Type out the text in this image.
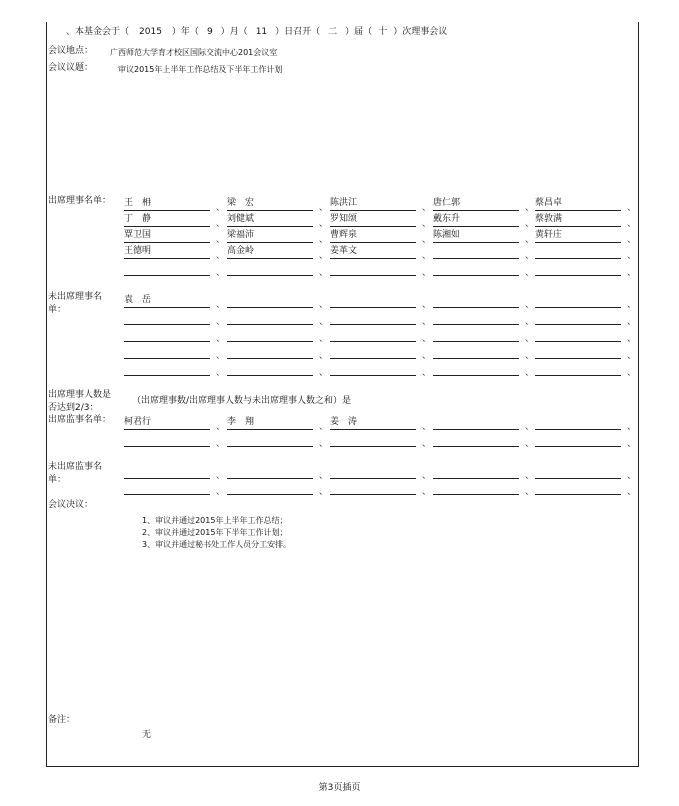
、本基金会于（ 2015 ）年（ 9 ）月（ 11 ）日召开（ 二 ）届（ 十 ）次理事会议
会议地点： 广西师范大学育才校区国际交流中心201会议室
会议议题：	审议2015年上半年工作总结及下半年工作计划
出席理事名单：
未出席理事名
单：
出席理事人数是
否达到2/3：
（出席理事数/出席理事人数与未出席理事人数之和）是
出席监事名单：
未出席监事名
单：
会议决议：
1、审议并通过2015年上半年工作总结；
2、审议并通过2015年下半年工作计划；
3、审议并通过秘书处工作人员分工安排。
备注：
无
王　枏	、 梁　宏	、 陈洪江	、 唐仁郭	、 蔡昌卓	、
丁　静	、 刘健斌	、 罗知颂	、 戴东升	、 蔡敦满	、
覃卫国	、 梁福沛	、 曹辉泉	、 陈湘如	、 黄轩庄	、
王德明	、 高金岭	、 姜革文	、	、	、
、	、	、	、	、
袁　岳	、	、	、	、	、
、	、	、	、	、
、	、	、	、	、
、	、	、	、	、
、	、	、	、	、
柯君行	、 李　翔	、 姜　涛	、	、	、
、	、	、	、	、
、	、	、	、	、
、	、	、	、	、
第3页插页
